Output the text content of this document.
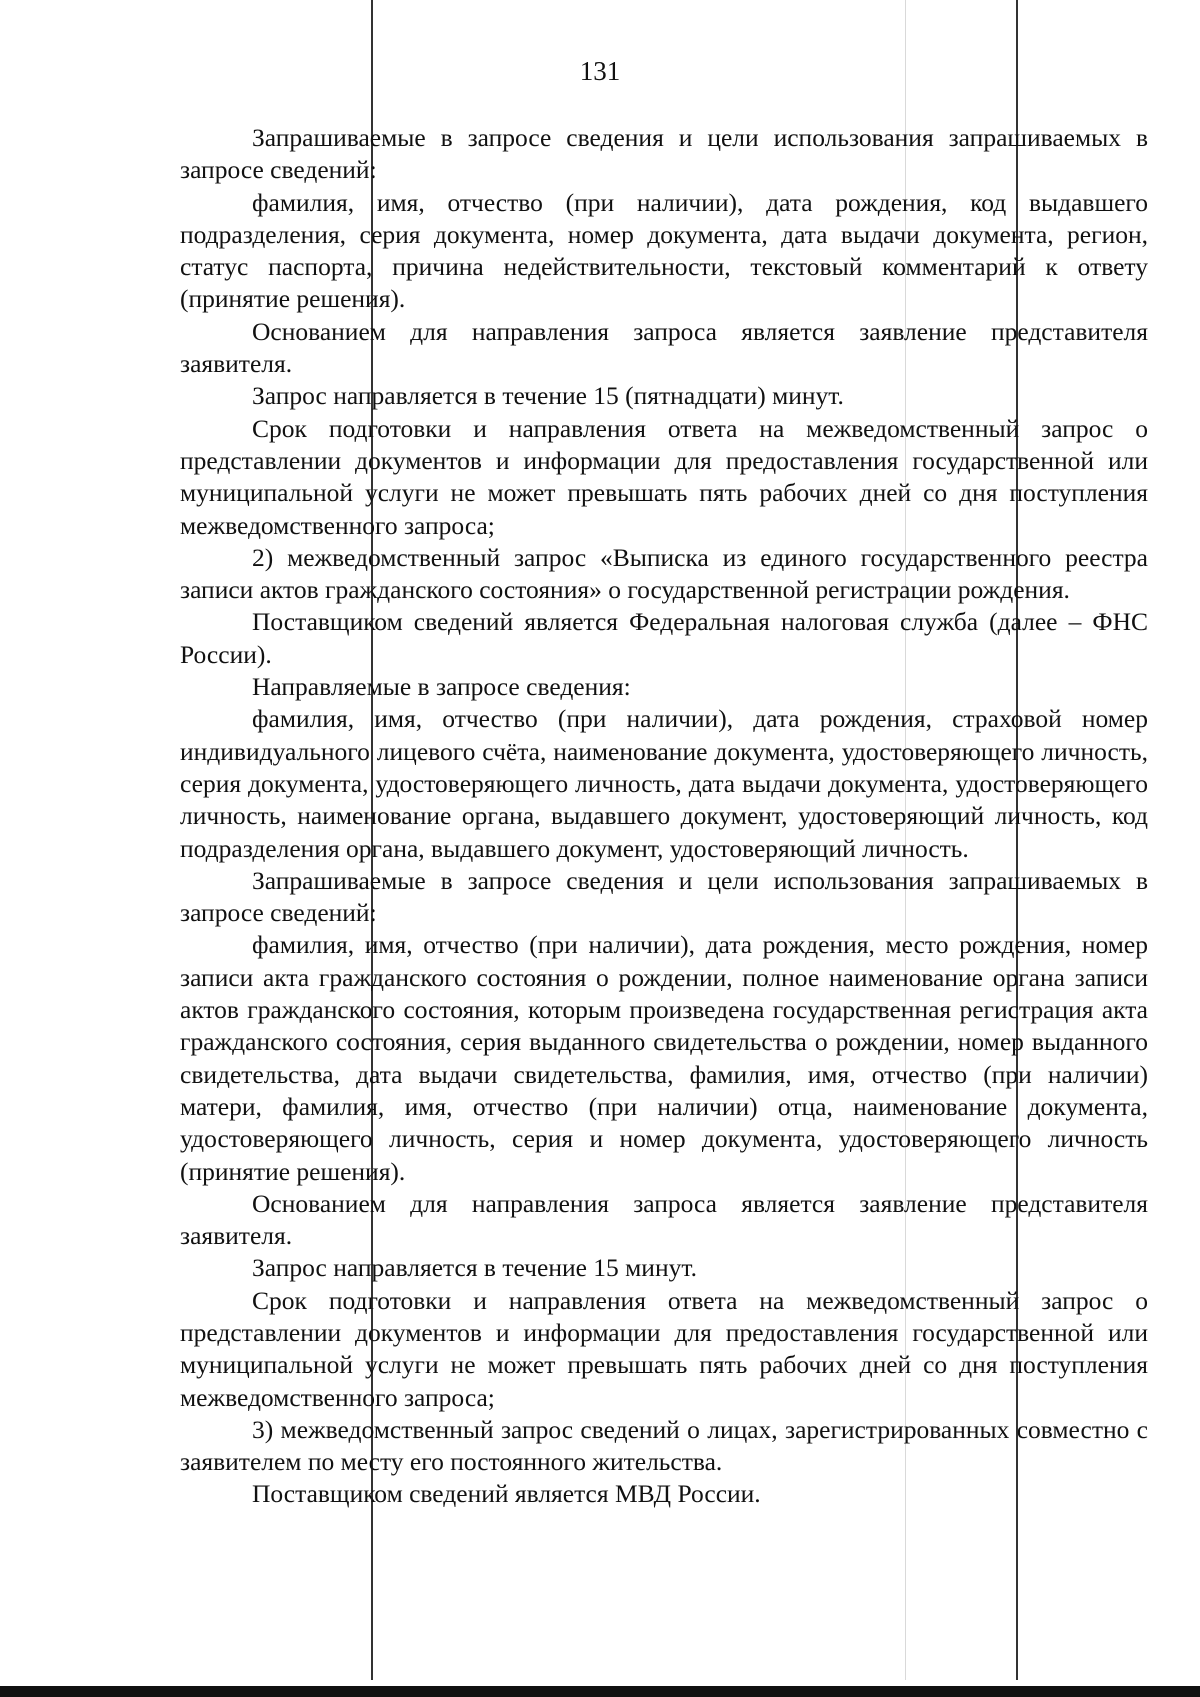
131

Запрашиваемые в запросе сведения и цели использования запрашиваемых в запросе сведений:

фамилия, имя, отчество (при наличии), дата рождения, код выдавшего подразделения, серия документа, номер документа, дата выдачи документа, регион, статус паспорта, причина недействительности, текстовый комментарий к ответу (принятие решения).

Основанием для направления запроса является заявление представителя заявителя.

Запрос направляется в течение 15 (пятнадцати) минут.

Срок подготовки и направления ответа на межведомственный запрос о представлении документов и информации для предоставления государственной или муниципальной услуги не может превышать пять рабочих дней со дня поступления межведомственного запроса;

2) межведомственный запрос «Выписка из единого государственного реестра записи актов гражданского состояния» о государственной регистрации рождения.

Поставщиком сведений является Федеральная налоговая служба (далее – ФНС России).

Направляемые в запросе сведения:

фамилия, имя, отчество (при наличии), дата рождения, страховой номер индивидуального лицевого счёта, наименование документа, удостоверяющего личность, серия документа, удостоверяющего личность, дата выдачи документа, удостоверяющего личность, наименование органа, выдавшего документ, удостоверяющий личность, код подразделения органа, выдавшего документ, удостоверяющий личность.

Запрашиваемые в запросе сведения и цели использования запрашиваемых в запросе сведений:

фамилия, имя, отчество (при наличии), дата рождения, место рождения, номер записи акта гражданского состояния о рождении, полное наименование органа записи актов гражданского состояния, которым произведена государственная регистрация акта гражданского состояния, серия выданного свидетельства о рождении, номер выданного свидетельства, дата выдачи свидетельства, фамилия, имя, отчество (при наличии) матери, фамилия, имя, отчество (при наличии) отца, наименование документа, удостоверяющего личность, серия и номер документа, удостоверяющего личность (принятие решения).

Основанием для направления запроса является заявление представителя заявителя.

Запрос направляется в течение 15 минут.

Срок подготовки и направления ответа на межведомственный запрос о представлении документов и информации для предоставления государственной или муниципальной услуги не может превышать пять рабочих дней со дня поступления межведомственного запроса;

3) межведомственный запрос сведений о лицах, зарегистрированных совместно с заявителем по месту его постоянного жительства.

Поставщиком сведений является МВД России.
